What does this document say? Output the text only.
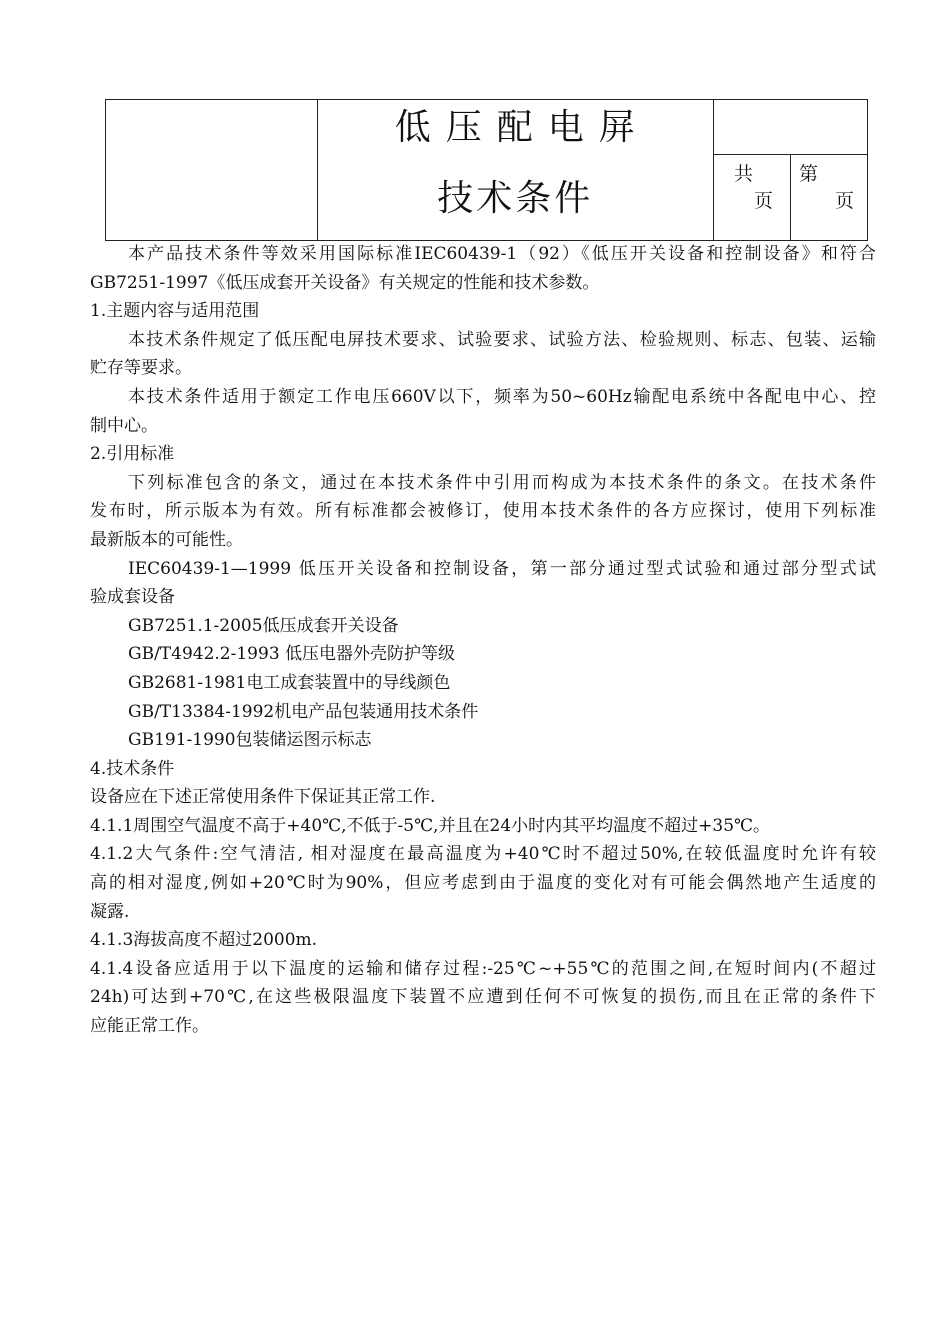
	低压配电屏
技术条件		

		共页	第页

本产品技术条件等效采用国际标准IEC60439-1（92）《低压开关设备和控制设备》和符合

GB7251-1997《低压成套开关设备》有关规定的性能和技术参数。

1.主题内容与适用范围

本技术条件规定了低压配电屏技术要求、试验要求、试验方法、检验规则、标志、包装、运输

贮存等要求。

本技术条件适用于额定工作电压660V以下，频率为50~60Hz输配电系统中各配电中心、控

制中心。

2.引用标准

下列标准包含的条文，通过在本技术条件中引用而构成为本技术条件的条文。在技术条件

发布时，所示版本为有效。所有标准都会被修订，使用本技术条件的各方应探讨，使用下列标准

最新版本的可能性。

IEC60439-1—1999 低压开关设备和控制设备，第一部分通过型式试验和通过部分型式试

验成套设备

GB7251.1-2005低压成套开关设备

GB/T4942.2-1993 低压电器外壳防护等级

GB2681-1981电工成套装置中的导线颜色

GB/T13384-1992机电产品包装通用技术条件

GB191-1990包装储运图示标志

4.技术条件

设备应在下述正常使用条件下保证其正常工作.

4.1.1周围空气温度不高于+40℃,不低于-5℃,并且在24小时内其平均温度不超过+35℃。

4.1.2大气条件:空气清洁, 相对湿度在最高温度为+40℃时不超过50%,在较低温度时允许有较

高的相对湿度,例如+20℃时为90%，但应考虑到由于温度的变化对有可能会偶然地产生适度的

凝露.

4.1.3海拔高度不超过2000m.

4.1.4设备应适用于以下温度的运输和储存过程:-25℃~+55℃的范围之间,在短时间内(不超过

24h)可达到+70℃,在这些极限温度下装置不应遭到任何不可恢复的损伤,而且在正常的条件下

应能正常工作。
